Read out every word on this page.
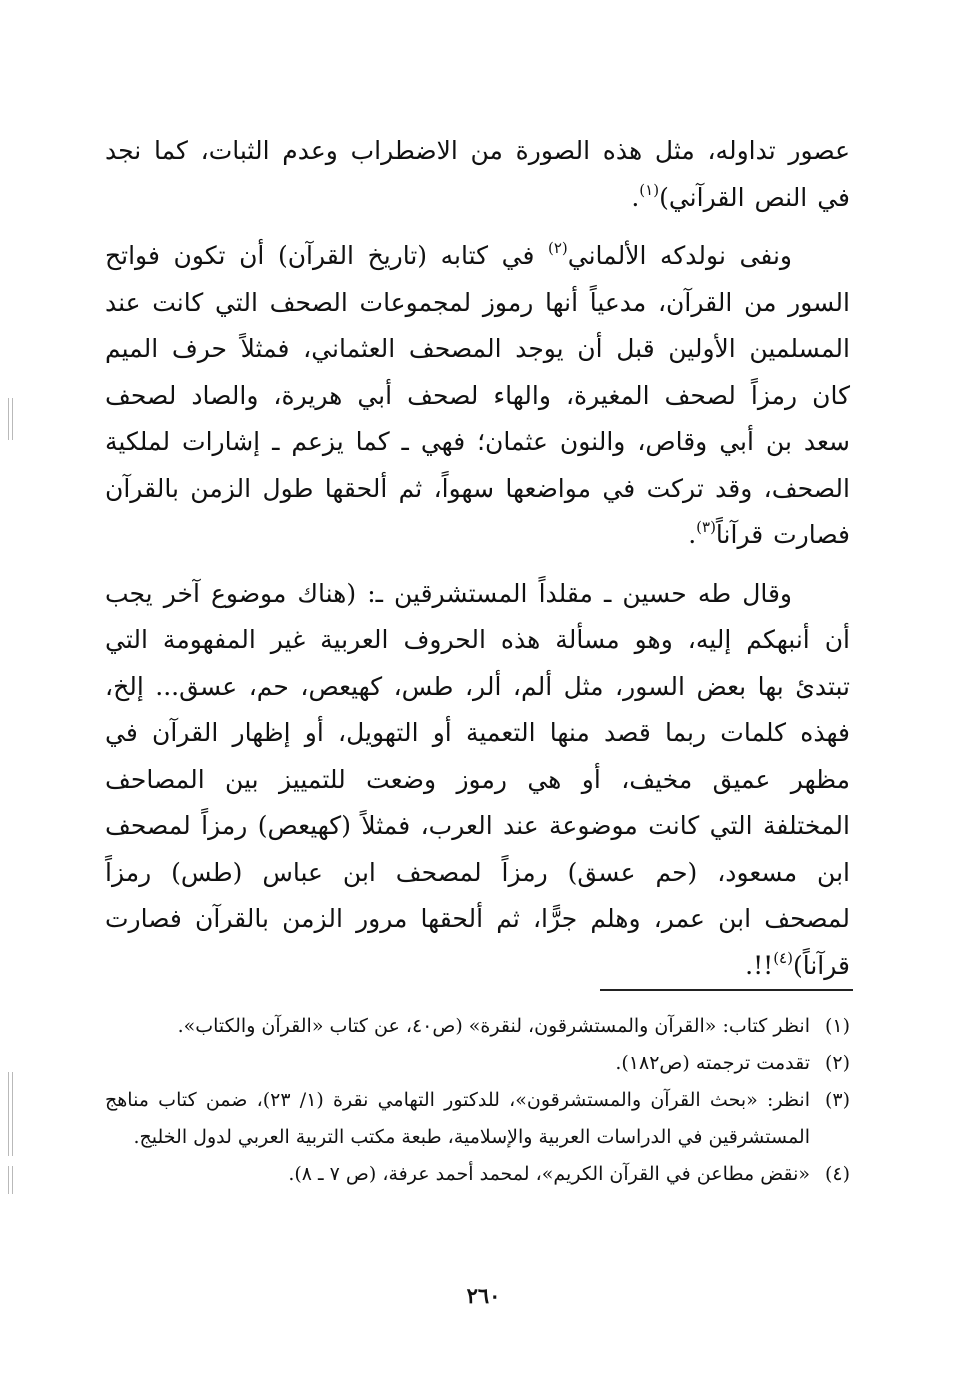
عصور تداوله، مثل هذه الصورة من الاضطراب وعدم الثبات، كما نجد في النص القرآني)$^{(١)}$.

ونفى نولدكه الألماني$^{(٢)}$ في كتابه (تاريخ القرآن) أن تكون فواتح السور من القرآن، مدعياً أنها رموز لمجموعات الصحف التي كانت عند المسلمين الأولين قبل أن يوجد المصحف العثماني، فمثلاً حرف الميم كان رمزاً لصحف المغيرة، والهاء لصحف أبي هريرة، والصاد لصحف سعد بن أبي وقاص، والنون عثمان؛ فهي ـ كما يزعم ـ إشارات لملكية الصحف، وقد تركت في مواضعها سهواً، ثم ألحقها طول الزمن بالقرآن فصارت قرآناً$^{(٣)}$.

وقال طه حسين ـ مقلداً المستشرقين ـ: (هناك موضوع آخر يجب أن أنبهكم إليه، وهو مسألة هذه الحروف العربية غير المفهومة التي تبتدئ بها بعض السور، مثل ألم، ألر، طس، كهيعص، حم، عسق... إلخ، فهذه كلمات ربما قصد منها التعمية أو التهويل، أو إظهار القرآن في مظهر عميق مخيف، أو هي رموز وضعت للتمييز بين المصاحف المختلفة التي كانت موضوعة عند العرب، فمثلاً (كهيعص) رمزاً لمصحف ابن مسعود، (حم عسق) رمزاً لمصحف ابن عباس (طس) رمزاً لمصحف ابن عمر، وهلم جرًّا، ثم ألحقها مرور الزمن بالقرآن فصارت قرآناً)$^{(٤)}$!!.

(١)
انظر كتاب: «القرآن والمستشرقون، لنقرة» (ص٤٠، عن كتاب «القرآن والكتاب».
(٢)
تقدمت ترجمته (ص١٨٢).
(٣)
انظر: «بحث القرآن والمستشرقون»، للدكتور التهامي نقرة (١/ ٢٣)، ضمن كتاب مناهج المستشرقين في الدراسات العربية والإسلامية، طبعة مكتب التربية العربي لدول الخليج.
(٤)
«نقض مطاعن في القرآن الكريم»، لمحمد أحمد عرفة، (ص ٧ ـ ٨).
٢٦٠
